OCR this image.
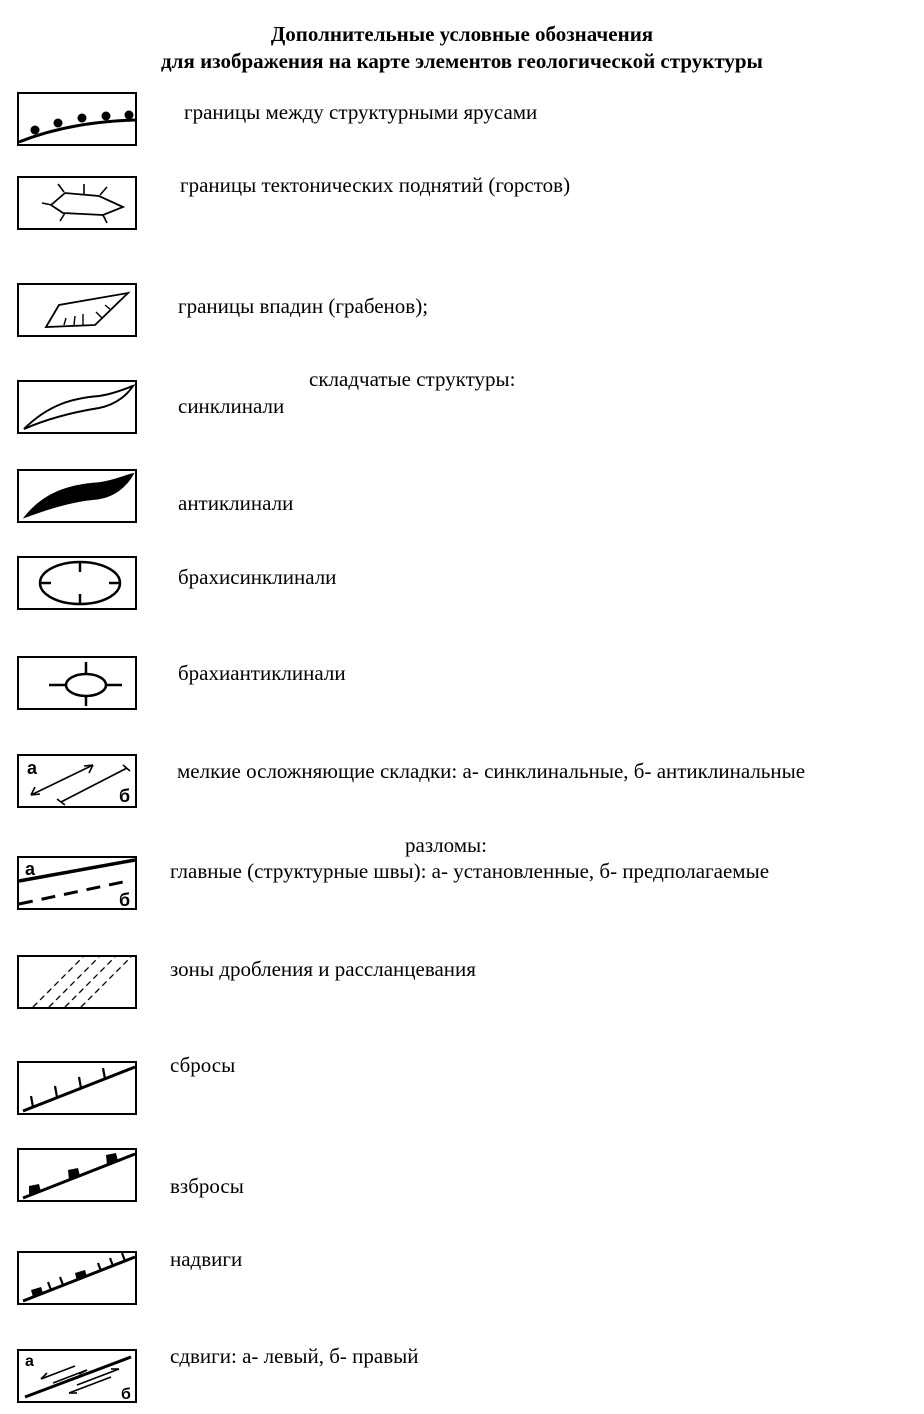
Дополнительные условные обозначения
для изображения на карте элементов геологической структуры
границы между структурными ярусами
границы тектонических поднятий (горстов)
границы впадин (грабенов);
складчатые структуры:
синклинали
антиклинали
брахисинклинали
брахиантиклинали
а
б
мелкие осложняющие складки: а- синклинальные, б- антиклинальные
разломы:
а
б
главные (структурные швы): а- установленные, б- предполагаемые
зоны дробления и рассланцевания
сбросы
взбросы
надвиги
а
б
сдвиги: а- левый, б- правый
